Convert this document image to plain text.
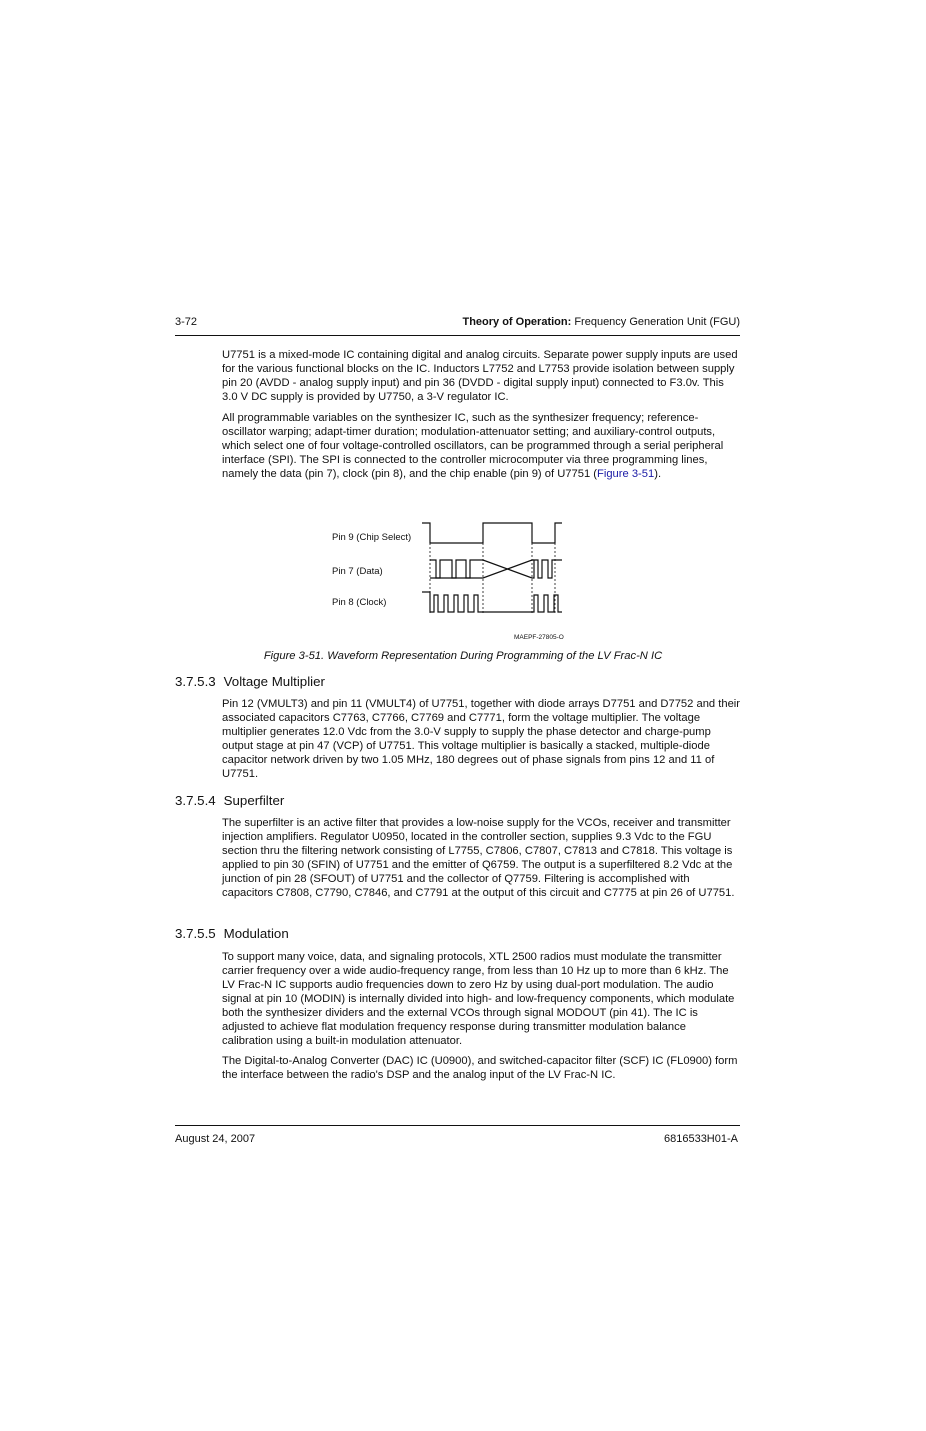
3-72	Theory of Operation: Frequency Generation Unit (FGU)

U7751 is a mixed-mode IC containing digital and analog circuits. Separate power supply inputs are used for the various functional blocks on the IC. Inductors L7752 and L7753 provide isolation between supply pin 20 (AVDD - analog supply input) and pin 36 (DVDD - digital supply input) connected to F3.0v. This 3.0 V DC supply is provided by U7750, a 3-V regulator IC.

All programmable variables on the synthesizer IC, such as the synthesizer frequency; reference-oscillator warping; adapt-timer duration; modulation-attenuator setting; and auxiliary-control outputs, which select one of four voltage-controlled oscillators, can be programmed through a serial peripheral interface (SPI). The SPI is connected to the controller microcomputer via three programming lines, namely the data (pin 7), clock (pin 8), and the chip enable (pin 9) of U7751 (Figure 3-51).

Pin 9 (Chip Select)
Pin 7 (Data)
Pin 8 (Clock)
MAEPF-27805-O
Figure 3-51. Waveform Representation During Programming of the LV Frac-N IC
3.7.5.3 Voltage Multiplier

Pin 12 (VMULT3) and pin 11 (VMULT4) of U7751, together with diode arrays D7751 and D7752 and their associated capacitors C7763, C7766, C7769 and C7771, form the voltage multiplier. The voltage multiplier generates 12.0 Vdc from the 3.0-V supply to supply the phase detector and charge-pump output stage at pin 47 (VCP) of U7751. This voltage multiplier is basically a stacked, multiple-diode capacitor network driven by two 1.05 MHz, 180 degrees out of phase signals from pins 12 and 11 of U7751.

3.7.5.4 Superfilter

The superfilter is an active filter that provides a low-noise supply for the VCOs, receiver and transmitter injection amplifiers. Regulator U0950, located in the controller section, supplies 9.3 Vdc to the FGU section thru the filtering network consisting of L7755, C7806, C7807, C7813 and C7818. This voltage is applied to pin 30 (SFIN) of U7751 and the emitter of Q6759. The output is a superfiltered 8.2 Vdc at the junction of pin 28 (SFOUT) of U7751 and the collector of Q7759. Filtering is accomplished with capacitors C7808, C7790, C7846, and C7791 at the output of this circuit and C7775 at pin 26 of U7751.

3.7.5.5 Modulation

To support many voice, data, and signaling protocols, XTL 2500 radios must modulate the transmitter carrier frequency over a wide audio-frequency range, from less than 10 Hz up to more than 6 kHz. The LV Frac-N IC supports audio frequencies down to zero Hz by using dual-port modulation. The audio signal at pin 10 (MODIN) is internally divided into high- and low-frequency components, which modulate both the synthesizer dividers and the external VCOs through signal MODOUT (pin 41). The IC is adjusted to achieve flat modulation frequency response during transmitter modulation balance calibration using a built-in modulation attenuator.

The Digital-to-Analog Converter (DAC) IC (U0900), and switched-capacitor filter (SCF) IC (FL0900) form the interface between the radio's DSP and the analog input of the LV Frac-N IC.

August 24, 2007	6816533H01-A
